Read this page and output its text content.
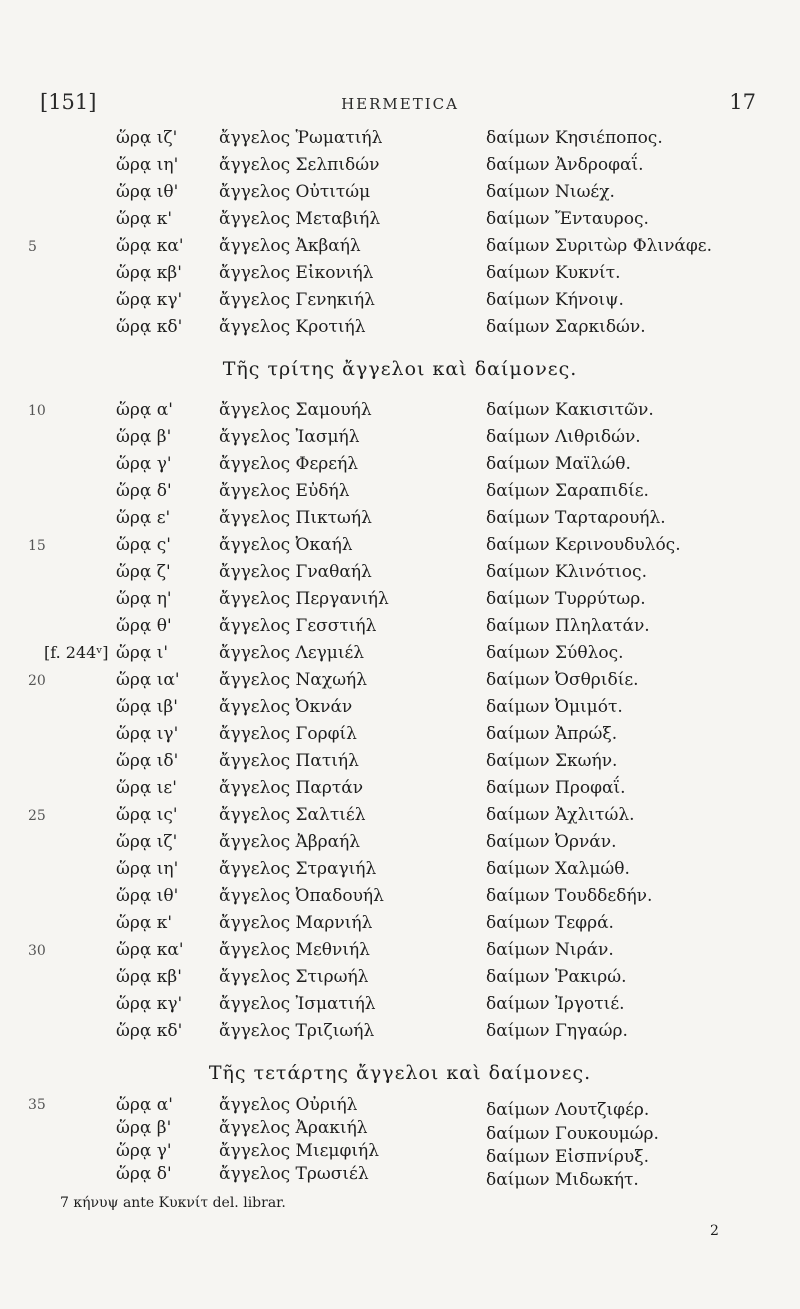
[151]	HERMETICA	17
ὥρᾳ ιζ' ἄγγελος Ῥωματιήλ	δαίμων Κησιέποπος.
ὥρᾳ ιη' ἄγγελος Σελπιδών	δαίμων Ἀνδροφαΐ.
ὥρᾳ ιθ' ἄγγελος Οὐτιτώμ	δαίμων Νιωέχ.
ὥρᾳ κ'	ἄγγελος Μεταβιήλ	δαίμων Ἔνταυρος.
5	ὥρᾳ κα' ἄγγελος Ἀκβαήλ	δαίμων Συριτὼρ Φλινάφε.
ὥρᾳ κβ' ἄγγελος Εἰκονιήλ	δαίμων Κυκνίτ.
ὥρᾳ κγ' ἄγγελος Γενηκιήλ	δαίμων Κήνοιψ.
ὥρᾳ κδ' ἄγγελος Κροτιήλ	δαίμων Σαρκιδών.
Τῆς τρίτης ἄγγελοι καὶ δαίμονες.
10	ὥρᾳ α'	ἄγγελος Σαμουήλ	δαίμων Κακισιτῶν.
ὥρᾳ β'	ἄγγελος Ἰασμήλ	δαίμων Λιθριδών.
ὥρᾳ γ'	ἄγγελος Φερεήλ	δαίμων Μαϊλώθ.
ὥρᾳ δ'	ἄγγελος Εὐδήλ	δαίμων Σαραπιδίε.
ὥρᾳ ε'	ἄγγελος Πικτωήλ	δαίμων Ταρταρουήλ.
15	ὥρᾳ ς'	ἄγγελος Ὀκαήλ	δαίμων Κερινουδυλός.
ὥρᾳ ζ'	ἄγγελος Γναθαήλ	δαίμων Κλινότιος.
ὥρᾳ η'	ἄγγελος Περγανιήλ	δαίμων Τυρρύτωρ.
ὥρᾳ θ'	ἄγγελος Γεσστιήλ	δαίμων Πληλατάν.
[f. 244ᵛ] ὥρᾳ ι'	ἄγγελος Λεγμιέλ	δαίμων Σύθλος.
20	ὥρᾳ ια' ἄγγελος Ναχωήλ	δαίμων Ὀσθριδίε.
ὥρᾳ ιβ' ἄγγελος Ὀκνάν	δαίμων Ὀμιμότ.
ὥρᾳ ιγ' ἄγγελος Γορφίλ	δαίμων Ἀπρώξ.
ὥρᾳ ιδ' ἄγγελος Πατιήλ	δαίμων Σκωήν.
ὥρᾳ ιε' ἄγγελος Παρτάν	δαίμων Προφαΐ.
25	ὥρᾳ ις' ἄγγελος Σαλτιέλ	δαίμων Ἀχλιτώλ.
ὥρᾳ ιζ' ἄγγελος Ἀβραήλ	δαίμων Ὀρνάν.
ὥρᾳ ιη' ἄγγελος Στραγιήλ	δαίμων Χαλμώθ.
ὥρᾳ ιθ' ἄγγελος Ὀπαδουήλ	δαίμων Τουδδεδήν.
ὥρᾳ κ'	ἄγγελος Μαρνιήλ	δαίμων Τεφρά.
30	ὥρᾳ κα' ἄγγελος Μεθνιήλ	δαίμων Νιράν.
ὥρᾳ κβ' ἄγγελος Στιρωήλ	δαίμων Ῥακιρώ.
ὥρᾳ κγ' ἄγγελος Ἰσματιήλ	δαίμων Ἰργοτιέ.
ὥρᾳ κδ' ἄγγελος Τριζιωήλ	δαίμων Γηγαώρ.
Τῆς τετάρτης ἄγγελοι καὶ δαίμονες.
35	ὥρᾳ α'	ἄγγελος Οὐριήλ	δαίμων Λουτζιφέρ.
ὥρᾳ β'	ἄγγελος Ἀρακιήλ	δαίμων Γουκουμώρ.
ὥρᾳ γ'	ἄγγελος Μιεμφιήλ	δαίμων Εἰσπνίρυξ.
ὥρᾳ δ'	ἄγγελος Τρωσιέλ	δαίμων Μιδωκήτ.
7 κήνυψ ante Κυκνίτ del. librar.
2
